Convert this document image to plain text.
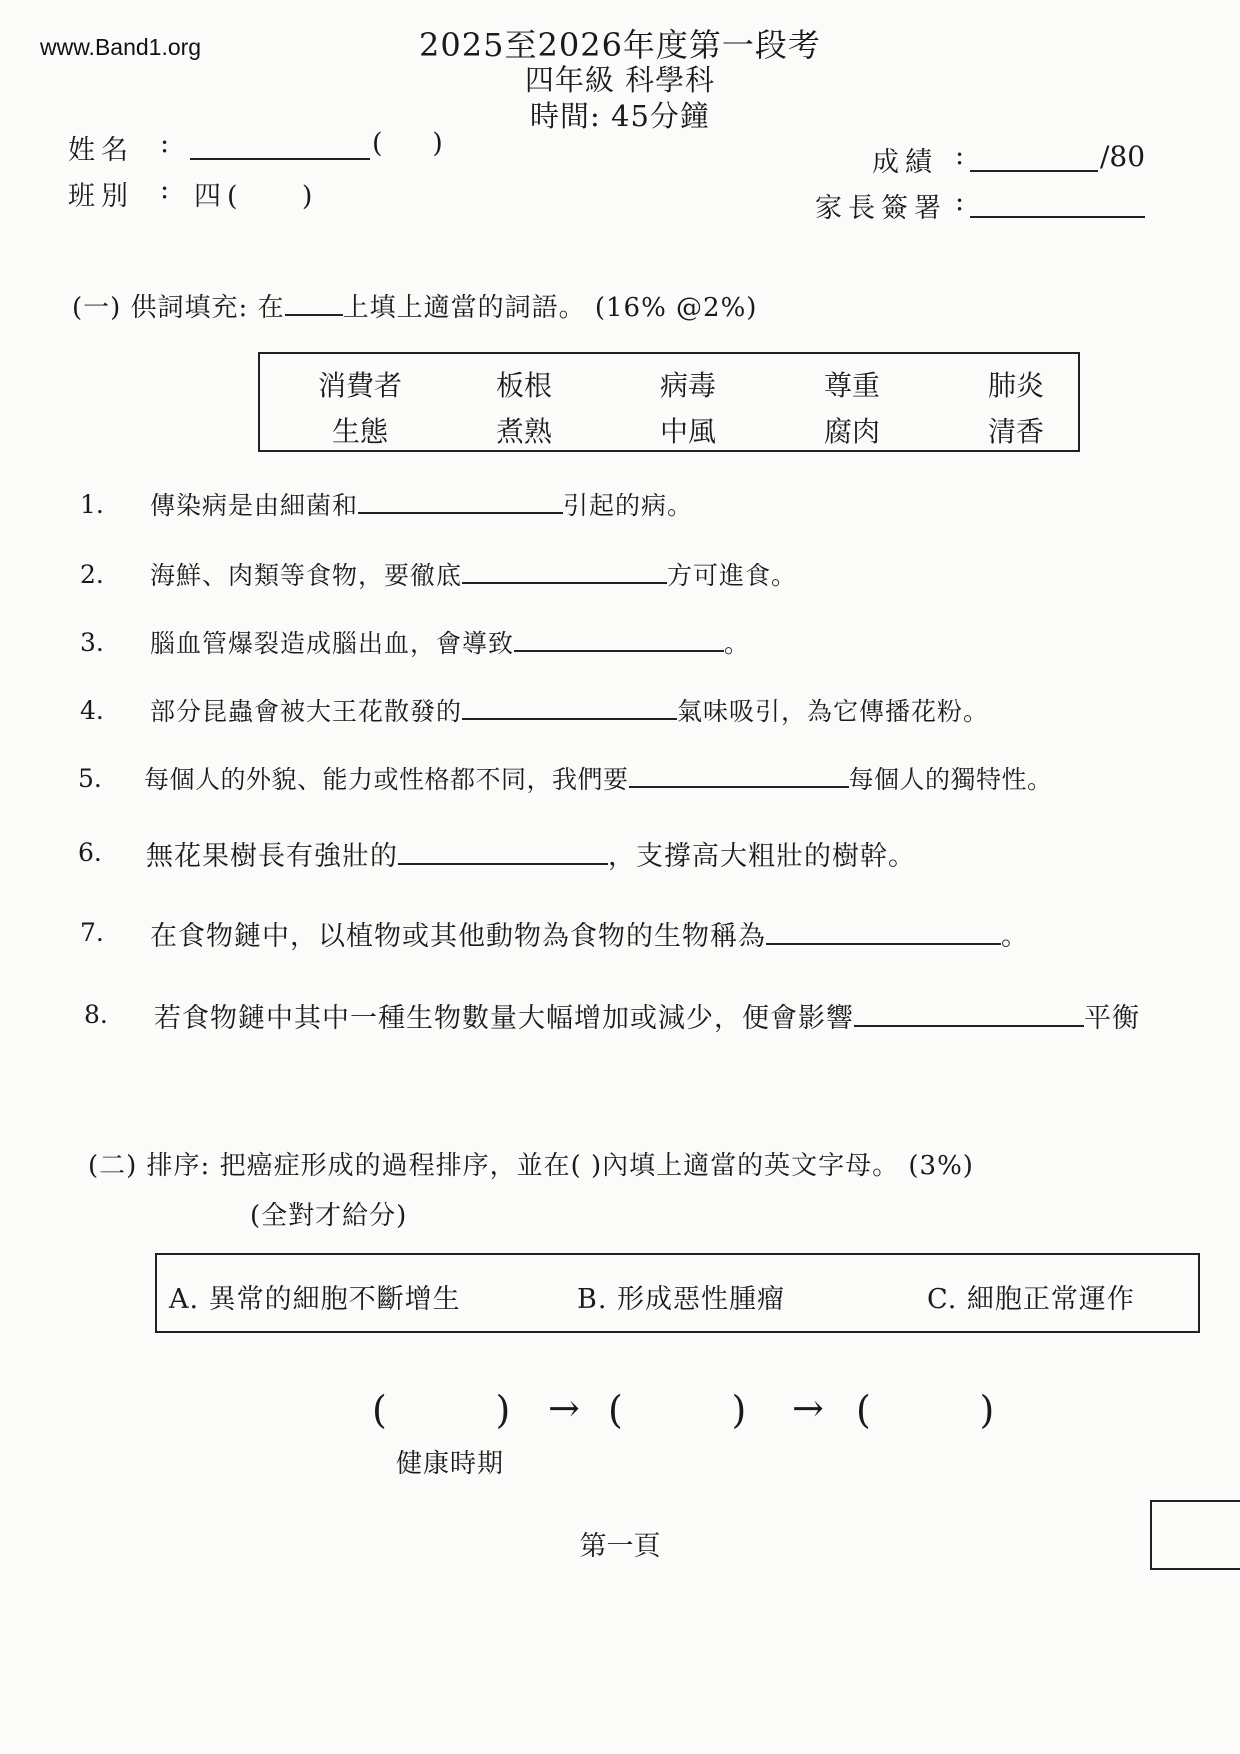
www.Band1.org	2025至2026年度第一段考
四年級 科學科
時間: 45分鐘
姓名 :	(   )
班別 : 四(    )
成績 :	/80
家長簽署 :
(一) 供詞填充: 在 上填上適當的詞語。 (16% @2%)
消費者	板根	病毒	尊重	肺炎
生態	煮熟	中風	腐肉	清香
1. 傳染病是由細菌和	引起的病。
2. 海鮮、肉類等食物，要徹底	方可進食。
3. 腦血管爆裂造成腦出血，會導致	。
4. 部分昆蟲會被大王花散發的	氣味吸引，為它傳播花粉。
5. 每個人的外貌、能力或性格都不同，我們要	每個人的獨特性。
6. 無花果樹長有強壯的	，支撐高大粗壯的樹幹。
7. 在食物鏈中，以植物或其他動物為食物的生物稱為	。
8. 若食物鏈中其中一種生物數量大幅增加或減少，便會影響	平衡
(二) 排序: 把癌症形成的過程排序，並在( )內填上適當的英文字母。 (3%)
(全對才給分)
A. 異常的細胞不斷增生	B. 形成惡性腫瘤	C. 細胞正常運作
(         ) → (         ) → (         )
健康時期
第一頁
